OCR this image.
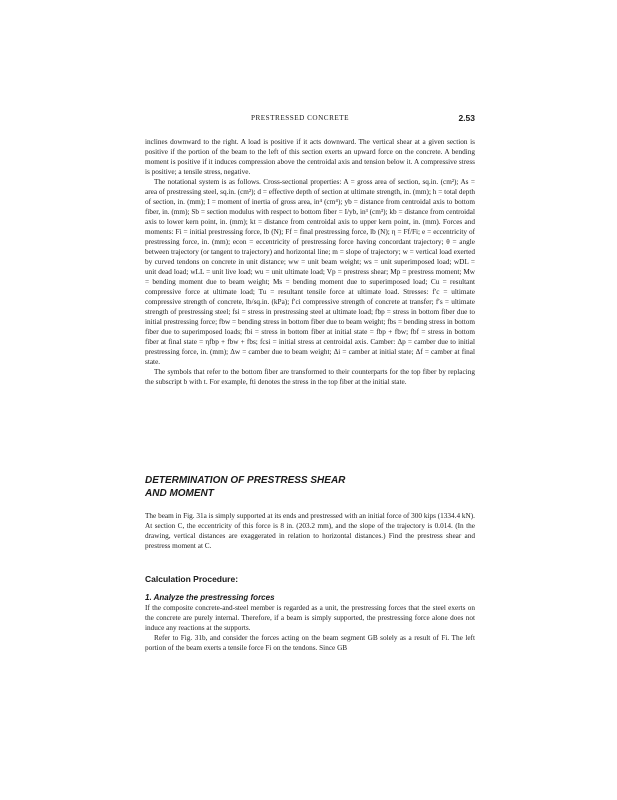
PRESTRESSED CONCRETE	2.53

inclines downward to the right. A load is positive if it acts downward. The vertical shear at a given section is positive if the portion of the beam to the left of this section exerts an upward force on the concrete. A bending moment is positive if it induces compression above the centroidal axis and tension below it. A compressive stress is positive; a tensile stress, negative.

The notational system is as follows. Cross-sectional properties: A = gross area of section, sq.in. (cm²); As = area of prestressing steel, sq.in. (cm²); d = effective depth of section at ultimate strength, in. (mm); h = total depth of section, in. (mm); I = moment of inertia of gross area, in⁴ (cm⁴); yb = distance from centroidal axis to bottom fiber, in. (mm); Sb = section modulus with respect to bottom fiber = I/yb, in³ (cm³); kb = distance from centroidal axis to lower kern point, in. (mm); kt = distance from centroidal axis to upper kern point, in. (mm). Forces and moments: Fi = initial prestressing force, lb (N); Ff = final prestressing force, lb (N); η = Ff/Fi; e = eccentricity of prestressing force, in. (mm); econ = eccentricity of prestressing force having concordant trajectory; θ = angle between trajectory (or tangent to trajectory) and horizontal line; m = slope of trajectory; w = vertical load exerted by curved tendons on concrete in unit distance; ww = unit beam weight; ws = unit superimposed load; wDL = unit dead load; wLL = unit live load; wu = unit ultimate load; Vp = prestress shear; Mp = prestress moment; Mw = bending moment due to beam weight; Ms = bending moment due to superimposed load; Cu = resultant compressive force at ultimate load; Tu = resultant tensile force at ultimate load. Stresses: f′c = ultimate compressive strength of concrete, lb/sq.in. (kPa); f′ci compressive strength of concrete at transfer; f′s = ultimate strength of prestressing steel; fsi = stress in prestressing steel at ultimate load; fbp = stress in bottom fiber due to initial prestressing force; fbw = bending stress in bottom fiber due to beam weight; fbs = bending stress in bottom fiber due to superimposed loads; fbi = stress in bottom fiber at initial state = fbp + fbw; fbf = stress in bottom fiber at final state = ηfbp + fbw + fbs; fcsi = initial stress at centroidal axis. Camber: Δp = camber due to initial prestressing force, in. (mm); Δw = camber due to beam weight; Δi = camber at initial state; Δf = camber at final state.

The symbols that refer to the bottom fiber are transformed to their counterparts for the top fiber by replacing the subscript b with t. For example, fti denotes the stress in the top fiber at the initial state.

DETERMINATION OF PRESTRESS SHEAR
AND MOMENT
The beam in Fig. 31a is simply supported at its ends and prestressed with an initial force of 300 kips (1334.4 kN). At section C, the eccentricity of this force is 8 in. (203.2 mm), and the slope of the trajectory is 0.014. (In the drawing, vertical distances are exaggerated in relation to horizontal distances.) Find the prestress shear and prestress moment at C.
Calculation Procedure:
1. Analyze the prestressing forces

If the composite concrete-and-steel member is regarded as a unit, the prestressing forces that the steel exerts on the concrete are purely internal. Therefore, if a beam is simply supported, the prestressing force alone does not induce any reactions at the supports.

Refer to Fig. 31b, and consider the forces acting on the beam segment GB solely as a result of Fi. The left portion of the beam exerts a tensile force Fi on the tendons. Since GB
